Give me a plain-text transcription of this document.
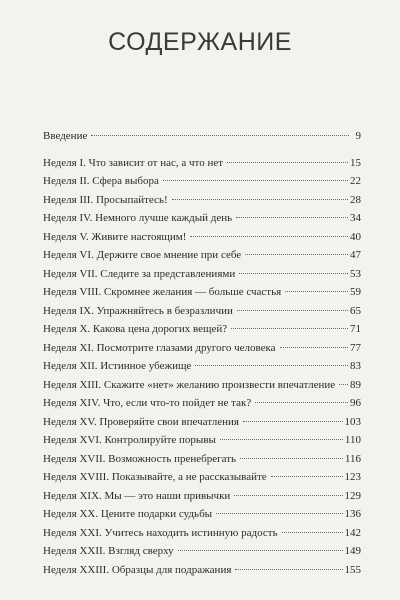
СОДЕРЖАНИЕ
Введение	9
Неделя I. Что зависит от нас, а что нет	15
Неделя II. Сфера выбора	22
Неделя III. Просыпайтесь!	28
Неделя IV. Немного лучше каждый день	34
Неделя V. Живите настоящим!	40
Неделя VI. Держите свое мнение при себе	47
Неделя VII. Следите за представлениями	53
Неделя VIII. Скромнее желания — больше счастья	59
Неделя IX. Упражняйтесь в безразличии	65
Неделя X. Какова цена дорогих вещей?	71
Неделя XI. Посмотрите глазами другого человека	77
Неделя XII. Истинное убежище	83
Неделя XIII. Скажите «нет» желанию произвести впечатление 89
Неделя XIV. Что, если что-то пойдет не так?	96
Неделя XV. Проверяйте свои впечатления	103
Неделя XVI. Контролируйте порывы	110
Неделя XVII. Возможность пренебрегать	116
Неделя XVIII. Показывайте, а не рассказывайте	123
Неделя XIX. Мы — это наши привычки	129
Неделя XX. Цените подарки судьбы	136
Неделя XXI. Учитесь находить истинную радость	142
Неделя XXII. Взгляд сверху	149
Неделя XXIII. Образцы для подражания	155
